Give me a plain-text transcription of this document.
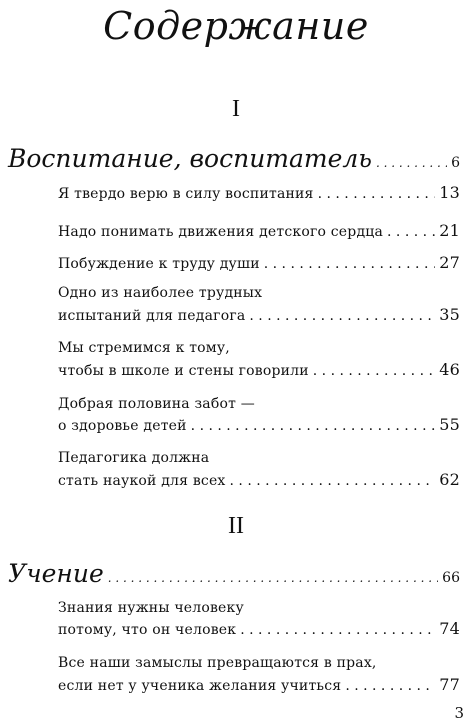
Содержание
I
Воспитание, воспитатель . . .	6
Я твердо верю в силу воспитания . . .	13
Надо понимать движения детского сердца . . .	21
Побуждение к труду души . . .	27
Одно из наиболее трудных
испытаний для педагога . . .	35
Мы стремимся к тому,
чтобы в школе и стены говорили . . .	46
Добрая половина забот —
о здоровье детей . . .	55
Педагогика должна
стать наукой для всех . . .	62
II
Учение . . .	66
Знания нужны человеку
потому, что он человек . . .	74
Все наши замыслы превращаются в прах,
если нет у ученика желания учиться . . .	77
3
